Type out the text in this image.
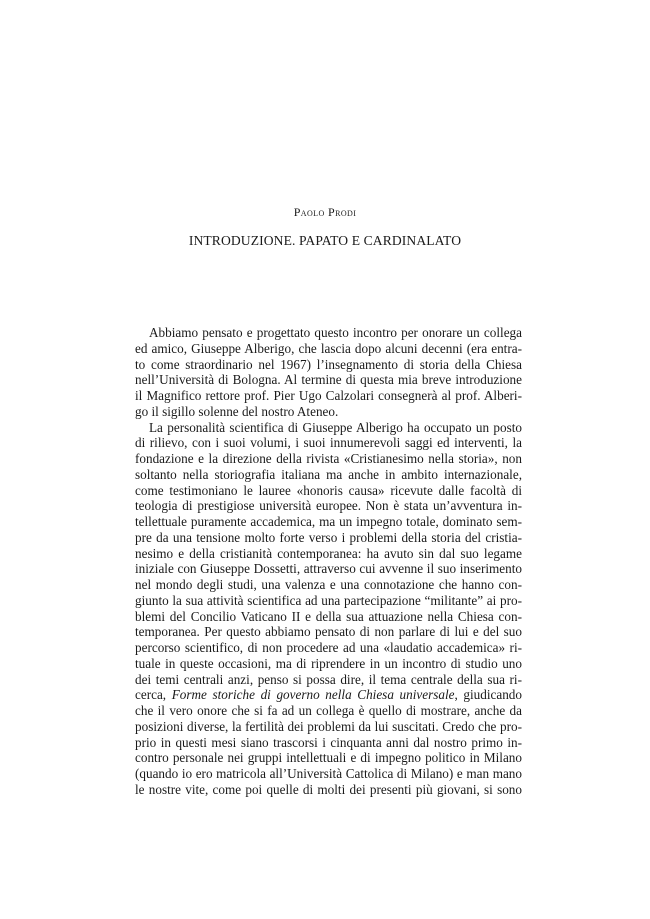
Paolo Prodi
INTRODUZIONE. PAPATO E CARDINALATO
Abbiamo pensato e progettato questo incontro per onorare un collega
ed amico, Giuseppe Alberigo, che lascia dopo alcuni decenni (era entra-
to come straordinario nel 1967) l’insegnamento di storia della Chiesa
nell’Università di Bologna. Al termine di questa mia breve introduzione
il Magnifico rettore prof. Pier Ugo Calzolari consegnerà al prof. Alberi-
go il sigillo solenne del nostro Ateneo.
La personalità scientifica di Giuseppe Alberigo ha occupato un posto
di rilievo, con i suoi volumi, i suoi innumerevoli saggi ed interventi, la
fondazione e la direzione della rivista «Cristianesimo nella storia», non
soltanto nella storiografia italiana ma anche in ambito internazionale,
come testimoniano le lauree «honoris causa» ricevute dalle facoltà di
teologia di prestigiose università europee. Non è stata un’avventura in-
tellettuale puramente accademica, ma un impegno totale, dominato sem-
pre da una tensione molto forte verso i problemi della storia del cristia-
nesimo e della cristianità contemporanea: ha avuto sin dal suo legame
iniziale con Giuseppe Dossetti, attraverso cui avvenne il suo inserimento
nel mondo degli studi, una valenza e una connotazione che hanno con-
giunto la sua attività scientifica ad una partecipazione “militante” ai pro-
blemi del Concilio Vaticano II e della sua attuazione nella Chiesa con-
temporanea. Per questo abbiamo pensato di non parlare di lui e del suo
percorso scientifico, di non procedere ad una «laudatio accademica» ri-
tuale in queste occasioni, ma di riprendere in un incontro di studio uno
dei temi centrali anzi, penso si possa dire, il tema centrale della sua ri-
cerca, Forme storiche di governo nella Chiesa universale, giudicando
che il vero onore che si fa ad un collega è quello di mostrare, anche da
posizioni diverse, la fertilità dei problemi da lui suscitati. Credo che pro-
prio in questi mesi siano trascorsi i cinquanta anni dal nostro primo in-
contro personale nei gruppi intellettuali e di impegno politico in Milano
(quando io ero matricola all’Università Cattolica di Milano) e man mano
le nostre vite, come poi quelle di molti dei presenti più giovani, si sono
